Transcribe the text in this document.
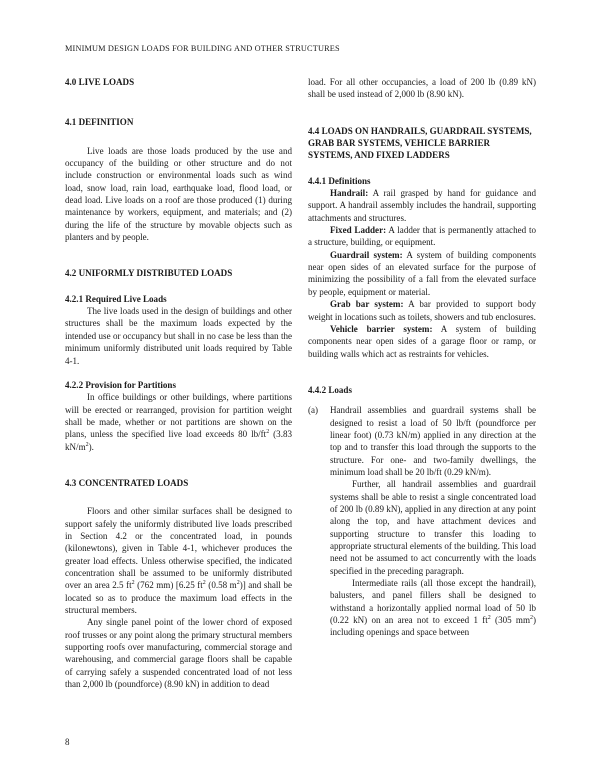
MINIMUM DESIGN LOADS FOR BUILDING AND OTHER STRUCTURES
4.0 LIVE LOADS
4.1 DEFINITION

Live loads are those loads produced by the use and occupancy of the building or other structure and do not include construction or environmental loads such as wind load, snow load, rain load, earthquake load, flood load, or dead load. Live loads on a roof are those produced (1) during maintenance by workers, equipment, and materials; and (2) during the life of the structure by movable objects such as planters and by people.

4.2 UNIFORMLY DISTRIBUTED LOADS
4.2.1 Required Live Loads

The live loads used in the design of buildings and other structures shall be the maximum loads expected by the intended use or occupancy but shall in no case be less than the minimum uniformly distributed unit loads required by Table 4-1.

4.2.2 Provision for Partitions

In office buildings or other buildings, where partitions will be erected or rearranged, provision for partition weight shall be made, whether or not partitions are shown on the plans, unless the specified live load exceeds 80 $lb/ft^2$ (3.83 $kN/m^2$).

4.3 CONCENTRATED LOADS

Floors and other similar surfaces shall be designed to support safely the uniformly distributed live loads prescribed in Section 4.2 or the concentrated load, in pounds (kilonewtons), given in Table 4-1, whichever produces the greater load effects. Unless otherwise specified, the indicated concentration shall be assumed to be uniformly distributed over an area 2.5 $ft^2$ (762 mm) [6.25 $ft^2$ (0.58 $m^2$)] and shall be located so as to produce the maximum load effects in the structural members.

Any single panel point of the lower chord of exposed roof trusses or any point along the primary structural members supporting roofs over manufacturing, commercial storage and warehousing, and commercial garage floors shall be capable of carrying safely a suspended concentrated load of not less than 2,000 lb (poundforce) (8.90 kN) in addition to dead

load. For all other occupancies, a load of 200 lb (0.89 kN) shall be used instead of 2,000 lb (8.90 kN).

4.4 LOADS ON HANDRAILS, GUARDRAIL SYSTEMS, GRAB BAR SYSTEMS, VEHICLE BARRIER SYSTEMS, AND FIXED LADDERS
4.4.1 Definitions

Handrail: A rail grasped by hand for guidance and support. A handrail assembly includes the handrail, supporting attachments and structures.

Fixed Ladder: A ladder that is permanently attached to a structure, building, or equipment.

Guardrail system: A system of building components near open sides of an elevated surface for the purpose of minimizing the possibility of a fall from the elevated surface by people, equipment or material.

Grab bar system: A bar provided to support body weight in locations such as toilets, showers and tub enclosures.

Vehicle barrier system: A system of building components near open sides of a garage floor or ramp, or building walls which act as restraints for vehicles.

4.4.2 Loads
(a) Handrail assemblies and guardrail systems shall be designed to resist a load of 50 lb/ft (poundforce per linear foot) (0.73 kN/m) applied in any direction at the top and to transfer this load through the supports to the structure. For one- and two-family dwellings, the minimum load shall be 20 lb/ft (0.29 kN/m).

Further, all handrail assemblies and guardrail systems shall be able to resist a single concentrated load of 200 lb (0.89 kN), applied in any direction at any point along the top, and have attachment devices and supporting structure to transfer this loading to appropriate structural elements of the building. This load need not be assumed to act concurrently with the loads specified in the preceding paragraph.

Intermediate rails (all those except the handrail), balusters, and panel fillers shall be designed to withstand a horizontally applied normal load of 50 lb (0.22 kN) on an area not to exceed 1 $ft^2$ (305 $mm^2$) including openings and space between

8
